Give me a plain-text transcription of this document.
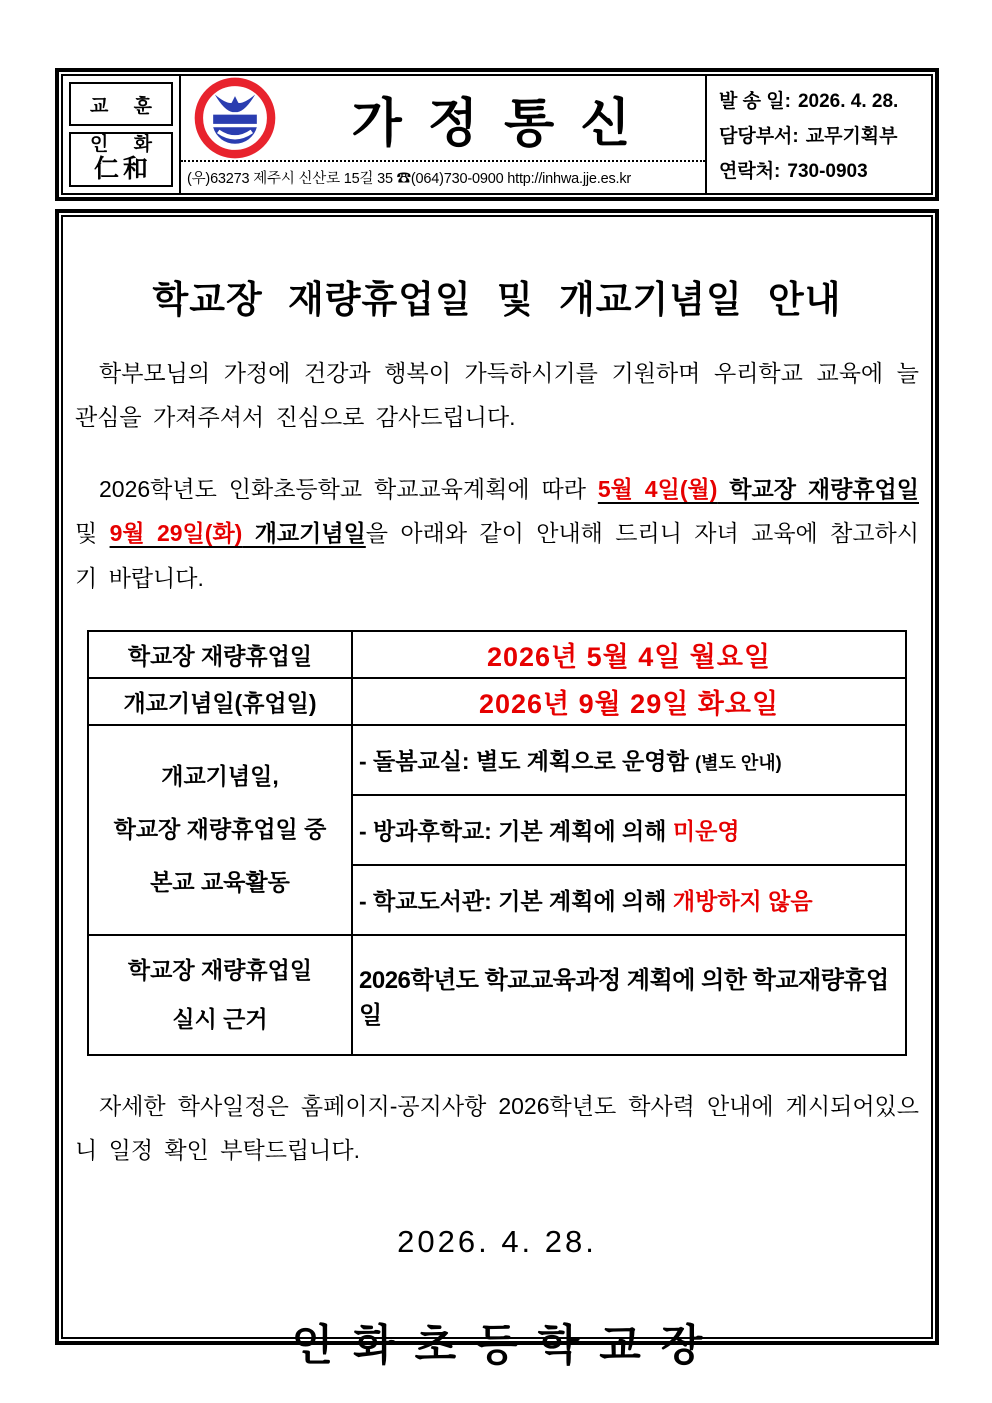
교 훈
인 화
仁和
가정통신
(우)63273 제주시 신산로 15길 35 ☎(064)730-0900 http://inhwa.jje.es.kr
발 송 일: 2026. 4. 28.
담당부서: 교무기획부
연락처: 730-0903
학교장 재량휴업일 및 개교기념일 안내

학부모님의 가정에 건강과 행복이 가득하시기를 기원하며 우리학교 교육에 늘 관심을 가져주셔서 진심으로 감사드립니다.

2026학년도 인화초등학교 학교교육계획에 따라 5월 4일(월) 학교장 재량휴업일 및 9월 29일(화) 개교기념일을 아래와 같이 안내해 드리니 자녀 교육에 참고하시기 바랍니다.

학교장 재량휴업일	2026년 5월 4일 월요일
개교기념일(휴업일)	2026년 9월 29일 화요일

개교기념일,
학교장 재량휴업일 중
본교 교육활동	- 돌봄교실: 별도 계획으로 운영함 (별도 안내)
	- 방과후학교: 기본 계획에 의해 미운영
	- 학교도서관: 기본 계획에 의해 개방하지 않음

학교장 재량휴업일
실시 근거	2026학년도 학교교육과정 계획에 의한 학교재량휴업일

자세한 학사일정은 홈페이지-공지사항 2026학년도 학사력 안내에 게시되어있으니 일정 확인 부탁드립니다.

2026. 4. 28.
인화초등학교장
